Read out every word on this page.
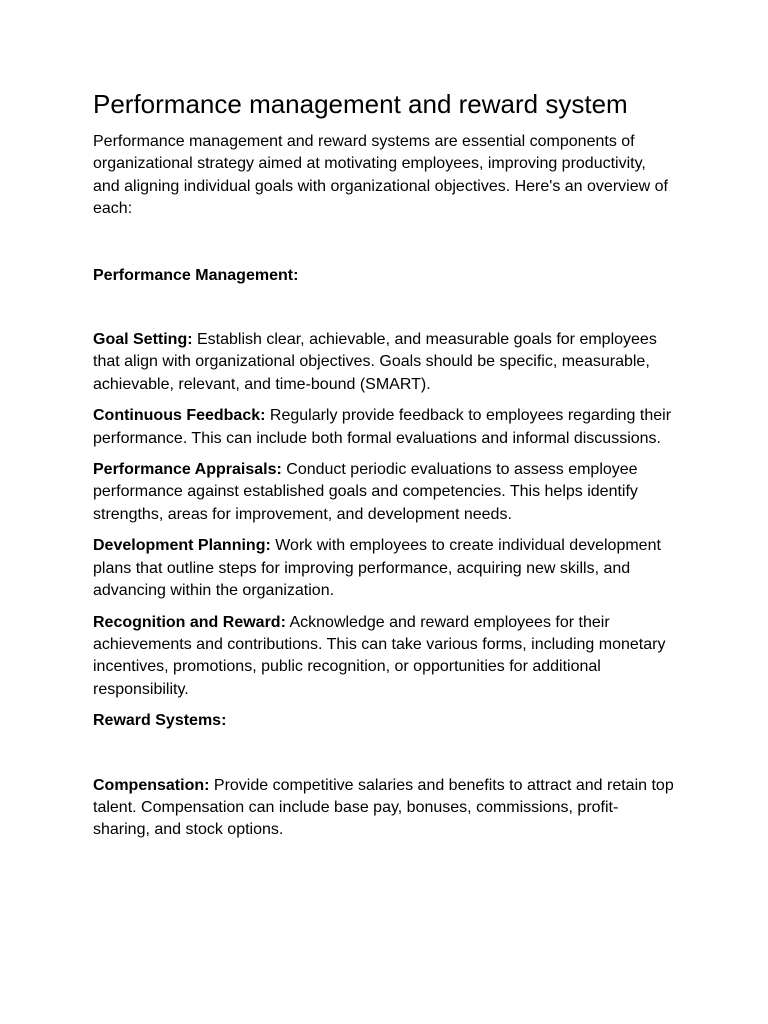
Performance management and reward system

Performance management and reward systems are essential components of organizational strategy aimed at motivating employees, improving productivity, and aligning individual goals with organizational objectives. Here's an overview of each:

Performance Management:

Goal Setting: Establish clear, achievable, and measurable goals for employees that align with organizational objectives. Goals should be specific, measurable, achievable, relevant, and time-bound (SMART).

Continuous Feedback: Regularly provide feedback to employees regarding their performance. This can include both formal evaluations and informal discussions.

Performance Appraisals: Conduct periodic evaluations to assess employee performance against established goals and competencies. This helps identify strengths, areas for improvement, and development needs.

Development Planning: Work with employees to create individual development plans that outline steps for improving performance, acquiring new skills, and advancing within the organization.

Recognition and Reward: Acknowledge and reward employees for their achievements and contributions. This can take various forms, including monetary incentives, promotions, public recognition, or opportunities for additional responsibility.

Reward Systems:

Compensation: Provide competitive salaries and benefits to attract and retain top talent. Compensation can include base pay, bonuses, commissions, profit-sharing, and stock options.
